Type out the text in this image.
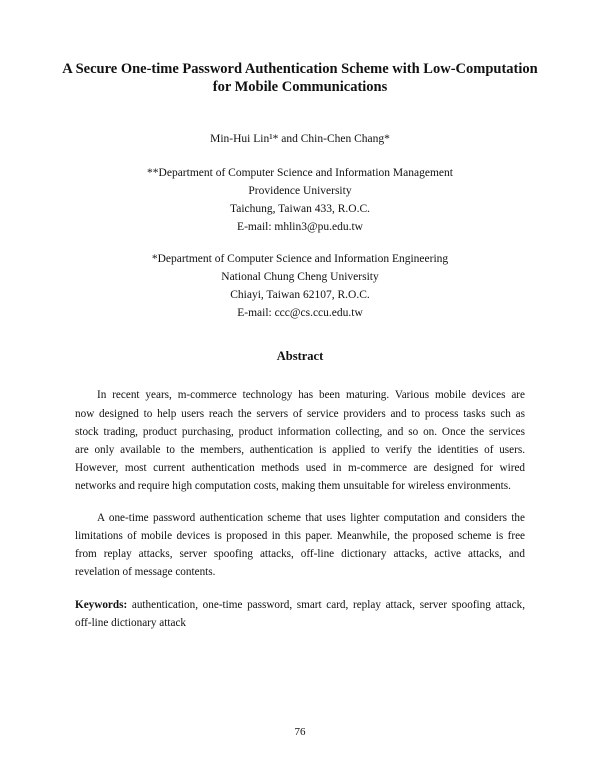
A Secure One-time Password Authentication Scheme with Low-Computation
for Mobile Communications
Min-Hui Lin¹* and Chin-Chen Chang*
**Department of Computer Science and Information Management
Providence University
Taichung, Taiwan 433, R.O.C.
E-mail: mhlin3@pu.edu.tw
*Department of Computer Science and Information Engineering
National Chung Cheng University
Chiayi, Taiwan 62107, R.O.C.
E-mail: ccc@cs.ccu.edu.tw
Abstract
In recent years, m-commerce technology has been maturing. Various mobile devices are
now designed to help users reach the servers of service providers and to process tasks such as
stock trading, product purchasing, product information collecting, and so on. Once the services
are only available to the members, authentication is applied to verify the identities of users.
However, most current authentication methods used in m-commerce are designed for wired
networks and require high computation costs, making them unsuitable for wireless environments.
A one-time password authentication scheme that uses lighter computation and considers the
limitations of mobile devices is proposed in this paper. Meanwhile, the proposed scheme is free
from replay attacks, server spoofing attacks, off-line dictionary attacks, active attacks, and
revelation of message contents.
Keywords: authentication, one-time password, smart card, replay attack, server spoofing attack,
off-line dictionary attack
76
